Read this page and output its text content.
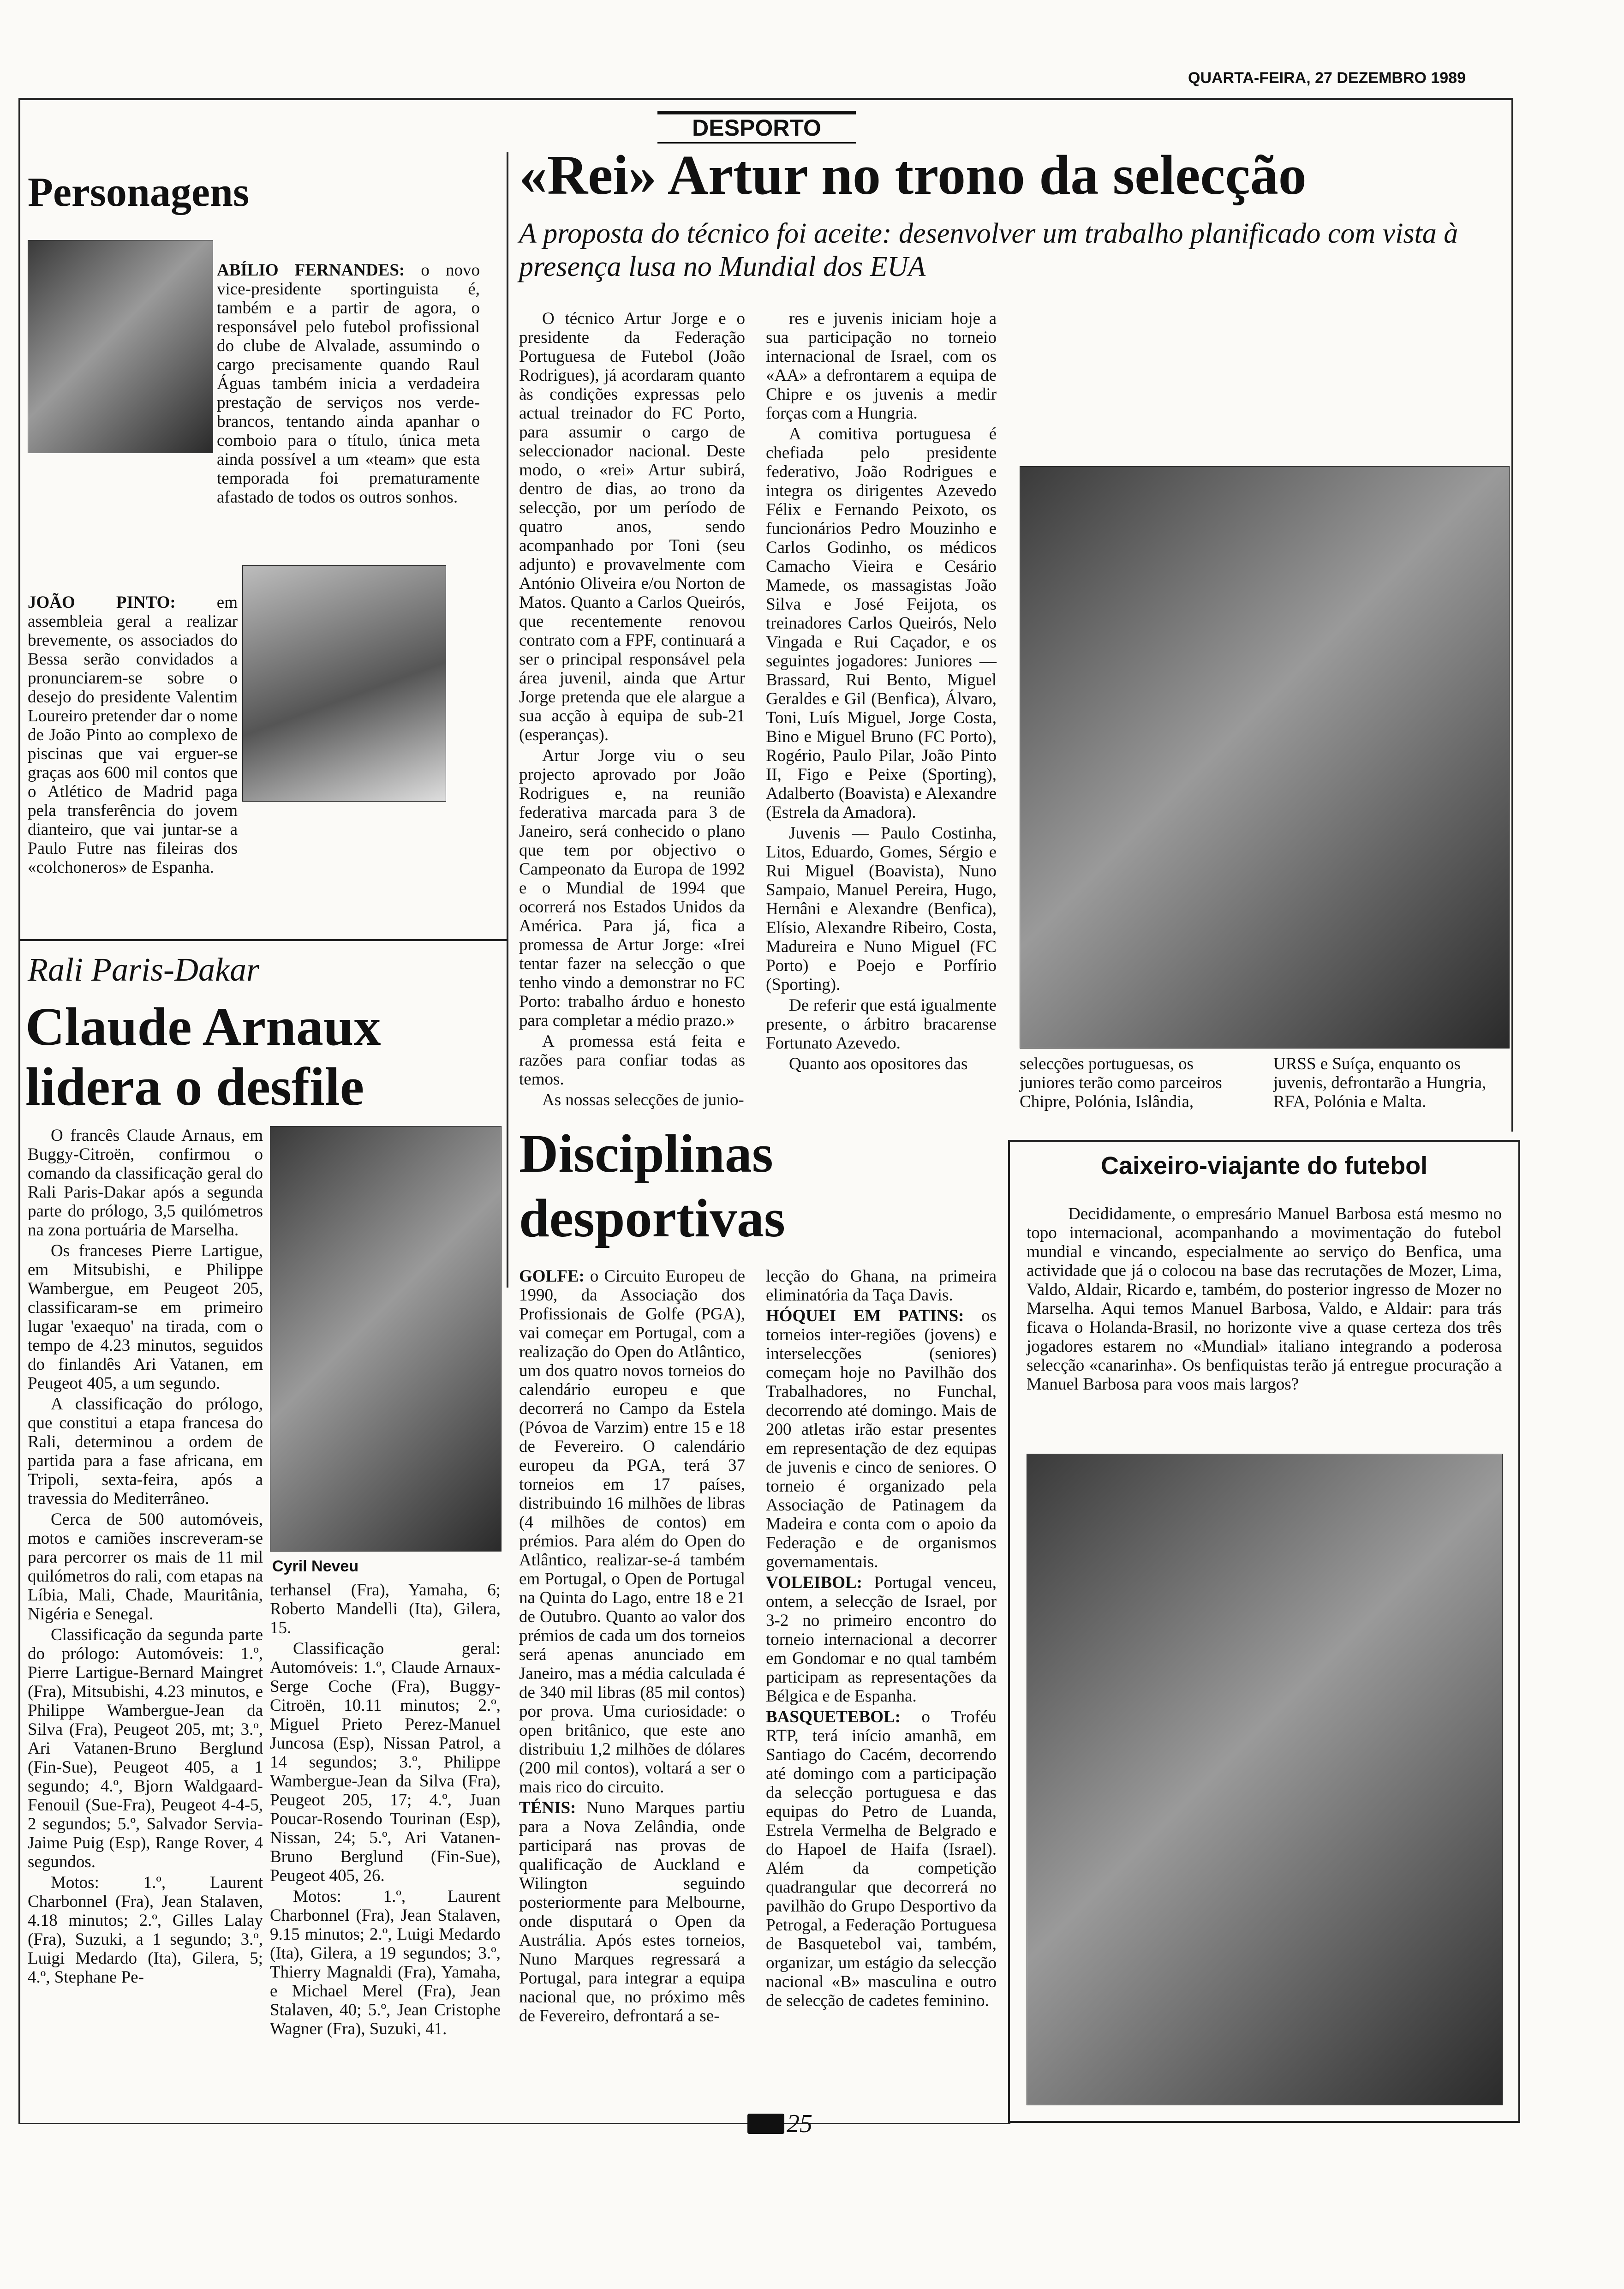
QUARTA-FEIRA, 27 DEZEMBRO 1989
DESPORTO
Personagens
ABÍLIO FERNANDES: o novo vice-presidente sportinguista é, também e a partir de agora, o responsável pelo futebol profissional do clube de Alvalade, assumindo o cargo precisamente quando Raul Águas também inicia a verdadeira prestação de serviços nos verde-brancos, tentando ainda apanhar o comboio para o título, única meta ainda possível a um «team» que esta temporada foi prematuramente afastado de todos os outros sonhos.
JOÃO PINTO: em assembleia geral a realizar brevemente, os associados do Bessa serão convidados a pronunciarem-se sobre o desejo do presidente Valentim Loureiro pretender dar o nome de João Pinto ao complexo de piscinas que vai erguer-se graças aos 600 mil contos que o Atlético de Madrid paga pela transferência do jovem dianteiro, que vai juntar-se a Paulo Futre nas fileiras dos «colchoneros» de Espanha.
«Rei» Artur no trono da selecção
A proposta do técnico foi aceite: desenvolver um trabalho planificado com vista à presença lusa no Mundial dos EUA

O técnico Artur Jorge e o presidente da Federação Portuguesa de Futebol (João Rodrigues), já acordaram quanto às condições expressas pelo actual treinador do FC Porto, para assumir o cargo de seleccionador nacional. Deste modo, o «rei» Artur subirá, dentro de dias, ao trono da selecção, por um período de quatro anos, sendo acompanhado por Toni (seu adjunto) e provavelmente com António Oliveira e/ou Norton de Matos. Quanto a Carlos Queirós, que recentemente renovou contrato com a FPF, continuará a ser o principal responsável pela área juvenil, ainda que Artur Jorge pretenda que ele alargue a sua acção à equipa de sub-21 (esperanças).

Artur Jorge viu o seu projecto aprovado por João Rodrigues e, na reunião federativa marcada para 3 de Janeiro, será conhecido o plano que tem por objectivo o Campeonato da Europa de 1992 e o Mundial de 1994 que ocorrerá nos Estados Unidos da América. Para já, fica a promessa de Artur Jorge: «Irei tentar fazer na selecção o que tenho vindo a demonstrar no FC Porto: trabalho árduo e honesto para completar a médio prazo.»

A promessa está feita e razões para confiar todas as temos.

As nossas selecções de junio-

res e juvenis iniciam hoje a sua participação no torneio internacional de Israel, com os «AA» a defrontarem a equipa de Chipre e os juvenis a medir forças com a Hungria.

A comitiva portuguesa é chefiada pelo presidente federativo, João Rodrigues e integra os dirigentes Azevedo Félix e Fernando Peixoto, os funcionários Pedro Mouzinho e Carlos Godinho, os médicos Camacho Vieira e Cesário Mamede, os massagistas João Silva e José Feijota, os treinadores Carlos Queirós, Nelo Vingada e Rui Caçador, e os seguintes jogadores: Juniores — Brassard, Rui Bento, Miguel Geraldes e Gil (Benfica), Álvaro, Toni, Luís Miguel, Jorge Costa, Bino e Miguel Bruno (FC Porto), Rogério, Paulo Pilar, João Pinto II, Figo e Peixe (Sporting), Adalberto (Boavista) e Alexandre (Estrela da Amadora).

Juvenis — Paulo Costinha, Litos, Eduardo, Gomes, Sérgio e Rui Miguel (Boavista), Nuno Sampaio, Manuel Pereira, Hugo, Hernâni e Alexandre (Benfica), Elísio, Alexandre Ribeiro, Costa, Madureira e Nuno Miguel (FC Porto) e Poejo e Porfírio (Sporting).

De referir que está igualmente presente, o árbitro bracarense Fortunato Azevedo.

Quanto aos opositores das	selecções portuguesas, os juniores terão como parceiros Chipre, Polónia, Islândia,
URSS e Suíça, enquanto os juvenis, defrontarão a Hungria, RFA, Polónia e Malta.
Rali Paris-Dakar
Claude Arnaux lidera o desfile

O francês Claude Arnaus, em Buggy-Citroën, confirmou o comando da classificação geral do Rali Paris-Dakar após a segunda parte do prólogo, 3,5 quilómetros na zona portuária de Marselha.

Os franceses Pierre Lartigue, em Mitsubishi, e Philippe Wambergue, em Peugeot 205, classificaram-se em primeiro lugar 'exaequo' na tirada, com o tempo de 4.23 minutos, seguidos do finlandês Ari Vatanen, em Peugeot 405, a um segundo.

A classificação do prólogo, que constitui a etapa francesa do Rali, determinou a ordem de partida para a fase africana, em Tripoli, sexta-feira, após a travessia do Mediterrâneo.

Cerca de 500 automóveis, motos e camiões inscreveram-se para percorrer os mais de 11 mil quilómetros do rali, com etapas na Líbia, Mali, Chade, Mauritânia, Nigéria e Senegal.

Classificação da segunda parte do prólogo: Automóveis: 1.º, Pierre Lartigue-Bernard Maingret (Fra), Mitsubishi, 4.23 minutos, e Philippe Wambergue-Jean da Silva (Fra), Peugeot 205, mt; 3.º, Ari Vatanen-Bruno Berglund (Fin-Sue), Peugeot 405, a 1 segundo; 4.º, Bjorn Waldgaard-Fenouil (Sue-Fra), Peugeot 4-4-5, 2 segundos; 5.º, Salvador Servia-Jaime Puig (Esp), Range Rover, 4 segundos.

Motos: 1.º, Laurent Charbonnel (Fra), Jean Stalaven, 4.18 minutos; 2.º, Gilles Lalay (Fra), Suzuki, a 1 segundo; 3.º, Luigi Medardo (Ita), Gilera, 5; 4.º, Stephane Pe-

Cyril Neveu

terhansel (Fra), Yamaha, 6; Roberto Mandelli (Ita), Gilera, 15.

Classificação geral: Automóveis: 1.º, Claude Arnaux-Serge Coche (Fra), Buggy-Citroën, 10.11 minutos; 2.º, Miguel Prieto Perez-Manuel Juncosa (Esp), Nissan Patrol, a 14 segundos; 3.º, Philippe Wambergue-Jean da Silva (Fra), Peugeot 205, 17; 4.º, Juan Poucar-Rosendo Tourinan (Esp), Nissan, 24; 5.º, Ari Vatanen-Bruno Berglund (Fin-Sue), Peugeot 405, 26.

Motos: 1.º, Laurent Charbonnel (Fra), Jean Stalaven, 9.15 minutos; 2.º, Luigi Medardo (Ita), Gilera, a 19 segundos; 3.º, Thierry Magnaldi (Fra), Yamaha, e Michael Merel (Fra), Jean Stalaven, 40; 5.º, Jean Cristophe Wagner (Fra), Suzuki, 41.

Disciplinas desportivas

GOLFE: o Circuito Europeu de 1990, da Associação dos Profissionais de Golfe (PGA), vai começar em Portugal, com a realização do Open do Atlântico, um dos quatro novos torneios do calendário europeu e que decorrerá no Campo da Estela (Póvoa de Varzim) entre 15 e 18 de Fevereiro. O calendário europeu da PGA, terá 37 torneios em 17 países, distribuindo 16 milhões de libras (4 milhões de contos) em prémios. Para além do Open do Atlântico, realizar-se-á também em Portugal, o Open de Portugal na Quinta do Lago, entre 18 e 21 de Outubro. Quanto ao valor dos prémios de cada um dos torneios será apenas anunciado em Janeiro, mas a média calculada é de 340 mil libras (85 mil contos) por prova. Uma curiosidade: o open britânico, que este ano distribuiu 1,2 milhões de dólares (200 mil contos), voltará a ser o mais rico do circuito.

TÉNIS: Nuno Marques partiu para a Nova Zelândia, onde participará nas provas de qualificação de Auckland e Wilington seguindo posteriormente para Melbourne, onde disputará o Open da Austrália. Após estes torneios, Nuno Marques regressará a Portugal, para integrar a equipa nacional que, no próximo mês de Fevereiro, defrontará a se-

lecção do Ghana, na primeira eliminatória da Taça Davis.

HÓQUEI EM PATINS: os torneios inter-regiões (jovens) e interselecções (seniores) começam hoje no Pavilhão dos Trabalhadores, no Funchal, decorrendo até domingo. Mais de 200 atletas irão estar presentes em representação de dez equipas de juvenis e cinco de seniores. O torneio é organizado pela Associação de Patinagem da Madeira e conta com o apoio da Federação e de organismos governamentais.

VOLEIBOL: Portugal venceu, ontem, a selecção de Israel, por 3-2 no primeiro encontro do torneio internacional a decorrer em Gondomar e no qual também participam as representações da Bélgica e de Espanha.

BASQUETEBOL: o Troféu RTP, terá início amanhã, em Santiago do Cacém, decorrendo até domingo com a participação da selecção portuguesa e das equipas do Petro de Luanda, Estrela Vermelha de Belgrado e do Hapoel de Haifa (Israel). Além da competição quadrangular que decorrerá no pavilhão do Grupo Desportivo da Petrogal, a Federação Portuguesa de Basquetebol vai, também, organizar, um estágio da selecção nacional «B» masculina e outro de selecção de cadetes feminino.

Caixeiro-viajante do futebol
Decididamente, o empresário Manuel Barbosa está mesmo no topo internacional, acompanhando a movimentação do futebol mundial e vincando, especialmente ao serviço do Benfica, uma actividade que já o colocou na base das recrutações de Mozer, Lima, Valdo, Aldair, Ricardo e, também, do posterior ingresso de Mozer no Marselha. Aqui temos Manuel Barbosa, Valdo, e Aldair: para trás ficava o Holanda-Brasil, no horizonte vive a quase certeza dos três jogadores estarem no «Mundial» italiano integrando a poderosa selecção «canarinha». Os benfiquistas terão já entregue procuração a Manuel Barbosa para voos mais largos?
25
